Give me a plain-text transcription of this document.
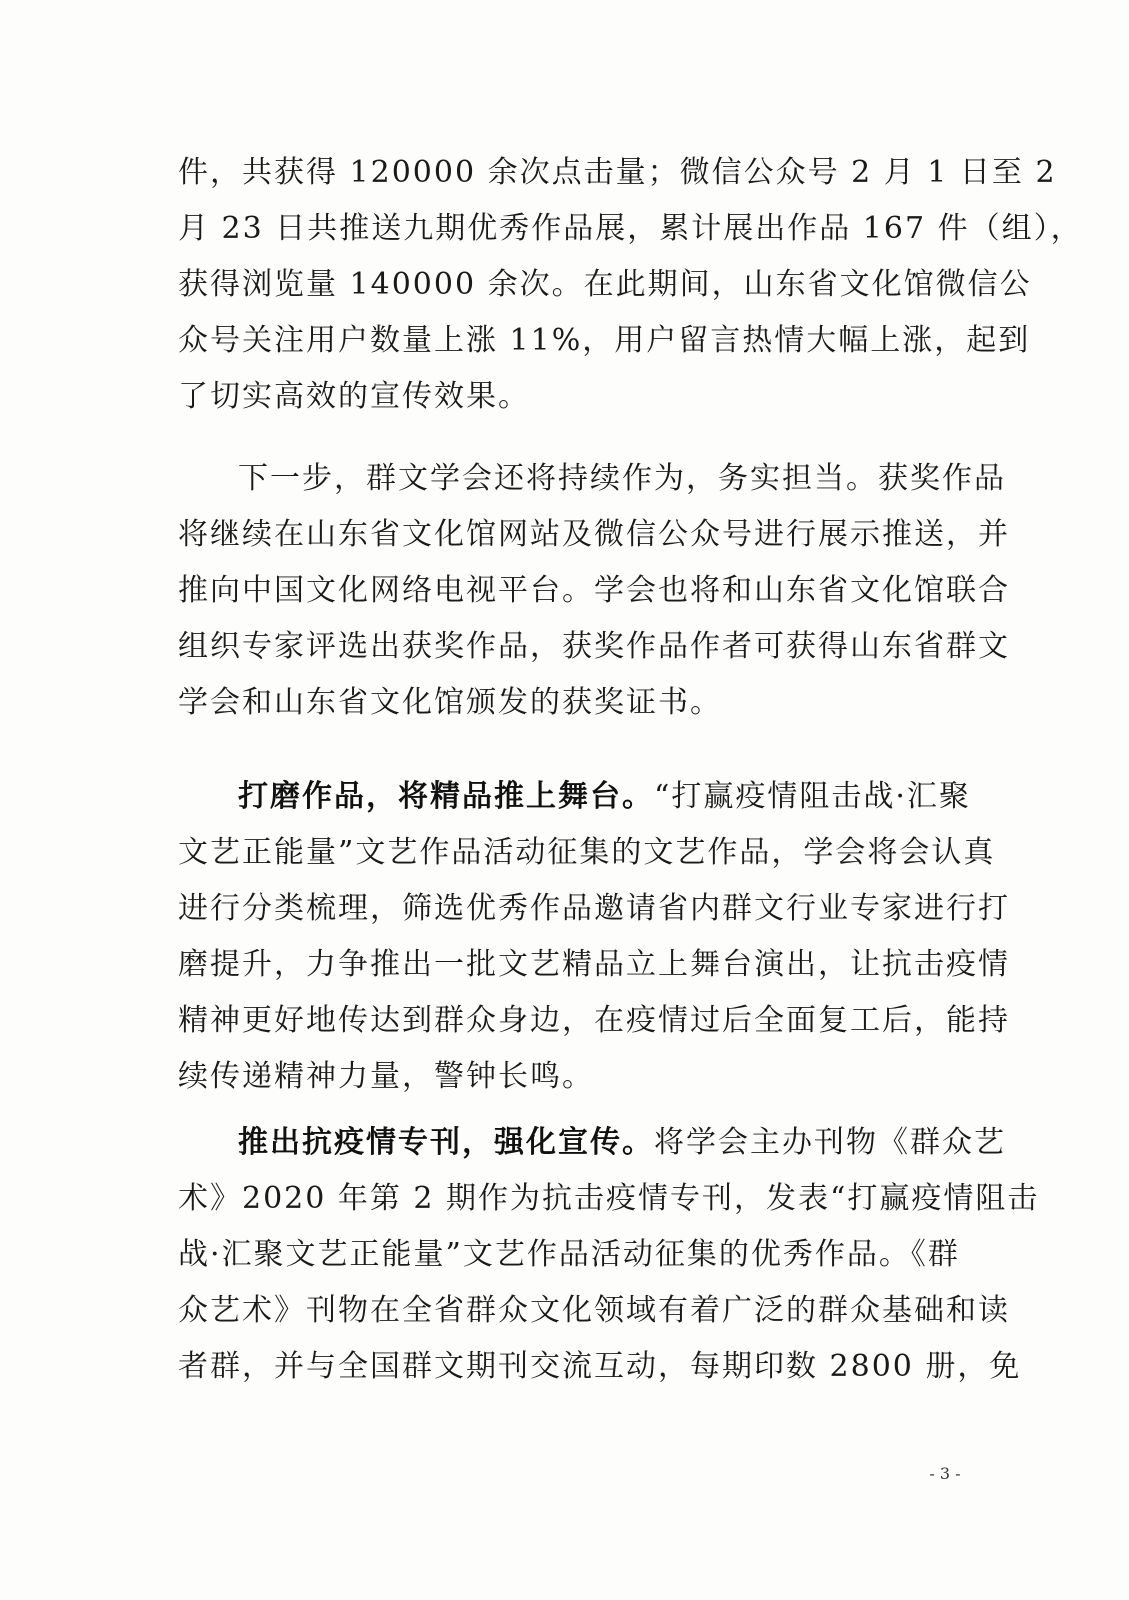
件，共获得 120000 余次点击量；微信公众号 2 月 1 日至 2
月 23 日共推送九期优秀作品展，累计展出作品 167 件（组），
获得浏览量 140000 余次。在此期间，山东省文化馆微信公
众号关注用户数量上涨 11%，用户留言热情大幅上涨，起到
了切实高效的宣传效果。
下一步，群文学会还将持续作为，务实担当。获奖作品
将继续在山东省文化馆网站及微信公众号进行展示推送，并
推向中国文化网络电视平台。学会也将和山东省文化馆联合
组织专家评选出获奖作品，获奖作品作者可获得山东省群文
学会和山东省文化馆颁发的获奖证书。
打磨作品，将精品推上舞台。“打赢疫情阻击战·汇聚
文艺正能量”文艺作品活动征集的文艺作品，学会将会认真
进行分类梳理，筛选优秀作品邀请省内群文行业专家进行打
磨提升，力争推出一批文艺精品立上舞台演出，让抗击疫情
精神更好地传达到群众身边，在疫情过后全面复工后，能持
续传递精神力量，警钟长鸣。
推出抗疫情专刊，强化宣传。将学会主办刊物《群众艺
术》2020 年第 2 期作为抗击疫情专刊，发表“打赢疫情阻击
战·汇聚文艺正能量”文艺作品活动征集的优秀作品。《群
众艺术》刊物在全省群众文化领域有着广泛的群众基础和读
者群，并与全国群文期刊交流互动，每期印数 2800 册，免
- 3 -
